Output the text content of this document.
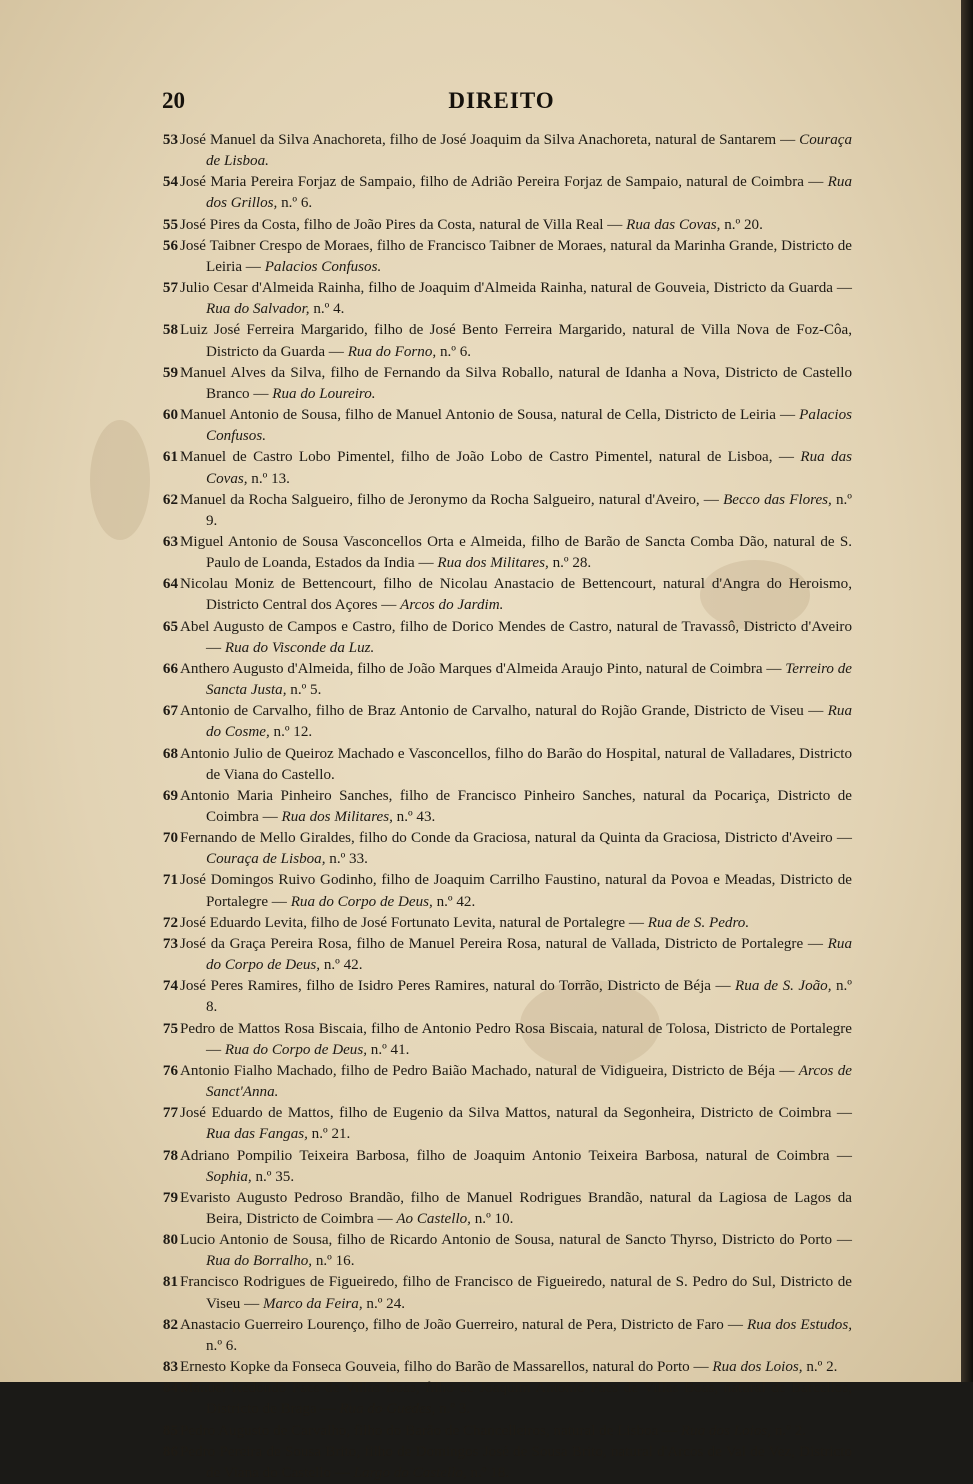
20	DIREITO
53 José Manuel da Silva Anachoreta, filho de José Joaquim da Silva Anachoreta, natural de Santarem — Couraça de Lisboa.
54 José Maria Pereira Forjaz de Sampaio, filho de Adrião Pereira Forjaz de Sampaio, natural de Coimbra — Rua dos Grillos, n.º 6.
55 José Pires da Costa, filho de João Pires da Costa, natural de Villa Real — Rua das Covas, n.º 20.
56 José Taibner Crespo de Moraes, filho de Francisco Taibner de Moraes, natural da Marinha Grande, Districto de Leiria — Palacios Confusos.
57 Julio Cesar d'Almeida Rainha, filho de Joaquim d'Almeida Rainha, natural de Gouveia, Districto da Guarda — Rua do Salvador, n.º 4.
58 Luiz José Ferreira Margarido, filho de José Bento Ferreira Margarido, natural de Villa Nova de Foz-Côa, Districto da Guarda — Rua do Forno, n.º 6.
59 Manuel Alves da Silva, filho de Fernando da Silva Roballo, natural de Idanha a Nova, Districto de Castello Branco — Rua do Loureiro.
60 Manuel Antonio de Sousa, filho de Manuel Antonio de Sousa, natural de Cella, Districto de Leiria — Palacios Confusos.
61 Manuel de Castro Lobo Pimentel, filho de João Lobo de Castro Pimentel, natural de Lisboa, — Rua das Covas, n.º 13.
62 Manuel da Rocha Salgueiro, filho de Jeronymo da Rocha Salgueiro, natural d'Aveiro, — Becco das Flores, n.º 9.
63 Miguel Antonio de Sousa Vasconcellos Orta e Almeida, filho de Barão de Sancta Comba Dão, natural de S. Paulo de Loanda, Estados da India — Rua dos Militares, n.º 28.
64 Nicolau Moniz de Bettencourt, filho de Nicolau Anastacio de Bettencourt, natural d'Angra do Heroismo, Districto Central dos Açores — Arcos do Jardim.
65 Abel Augusto de Campos e Castro, filho de Dorico Mendes de Castro, natural de Travassô, Districto d'Aveiro — Rua do Visconde da Luz.
66 Anthero Augusto d'Almeida, filho de João Marques d'Almeida Araujo Pinto, natural de Coimbra — Terreiro de Sancta Justa, n.º 5.
67 Antonio de Carvalho, filho de Braz Antonio de Carvalho, natural do Rojão Grande, Districto de Viseu — Rua do Cosme, n.º 12.
68 Antonio Julio de Queiroz Machado e Vasconcellos, filho do Barão do Hospital, natural de Valladares, Districto de Viana do Castello.
69 Antonio Maria Pinheiro Sanches, filho de Francisco Pinheiro Sanches, natural da Pocariça, Districto de Coimbra — Rua dos Militares, n.º 43.
70 Fernando de Mello Giraldes, filho do Conde da Graciosa, natural da Quinta da Graciosa, Districto d'Aveiro — Couraça de Lisboa, n.º 33.
71 José Domingos Ruivo Godinho, filho de Joaquim Carrilho Faustino, natural da Povoa e Meadas, Districto de Portalegre — Rua do Corpo de Deus, n.º 42.
72 José Eduardo Levita, filho de José Fortunato Levita, natural de Portalegre — Rua de S. Pedro.
73 José da Graça Pereira Rosa, filho de Manuel Pereira Rosa, natural de Vallada, Districto de Portalegre — Rua do Corpo de Deus, n.º 42.
74 José Peres Ramires, filho de Isidro Peres Ramires, natural do Torrão, Districto de Béja — Rua de S. João, n.º 8.
75 Pedro de Mattos Rosa Biscaia, filho de Antonio Pedro Rosa Biscaia, natural de Tolosa, Districto de Portalegre — Rua do Corpo de Deus, n.º 41.
76 Antonio Fialho Machado, filho de Pedro Baião Machado, natural de Vidigueira, Districto de Béja — Arcos de Sanct'Anna.
77 José Eduardo de Mattos, filho de Eugenio da Silva Mattos, natural da Segonheira, Districto de Coimbra — Rua das Fangas, n.º 21.
78 Adriano Pompilio Teixeira Barbosa, filho de Joaquim Antonio Teixeira Barbosa, natural de Coimbra — Sophia, n.º 35.
79 Evaristo Augusto Pedroso Brandão, filho de Manuel Rodrigues Brandão, natural da Lagiosa de Lagos da Beira, Districto de Coimbra — Ao Castello, n.º 10.
80 Lucio Antonio de Sousa, filho de Ricardo Antonio de Sousa, natural de Sancto Thyrso, Districto do Porto — Rua do Borralho, n.º 16.
81 Francisco Rodrigues de Figueiredo, filho de Francisco de Figueiredo, natural de S. Pedro do Sul, Districto de Viseu — Marco da Feira, n.º 24.
82 Anastacio Guerreiro Lourenço, filho de João Guerreiro, natural de Pera, Districto de Faro — Rua dos Estudos, n.º 6.
83 Ernesto Kopke da Fonseca Gouveia, filho do Barão de Massarellos, natural do Porto — Rua dos Loios, n.º 2.
84 Manuel Redondo Paes de Villas Boas, filho de Joaquim Antonio Paes de Villas Boas, natural de Barcellos, Districto de Braga — Rua do Guedes, n.º 3.
85 Pedro Augusto de Carvalho, filho do Barão de Chancelleiros, natural de Lisboa — Rua dos Loios, n.º 2.
86 Pedro Pereira de Sousa Brito, filho de Domingos José de Sousa Brito, natural d'Arcos de Val de Vez, Districto de Viana do Castello — Largo do Castello, n.º 18.
